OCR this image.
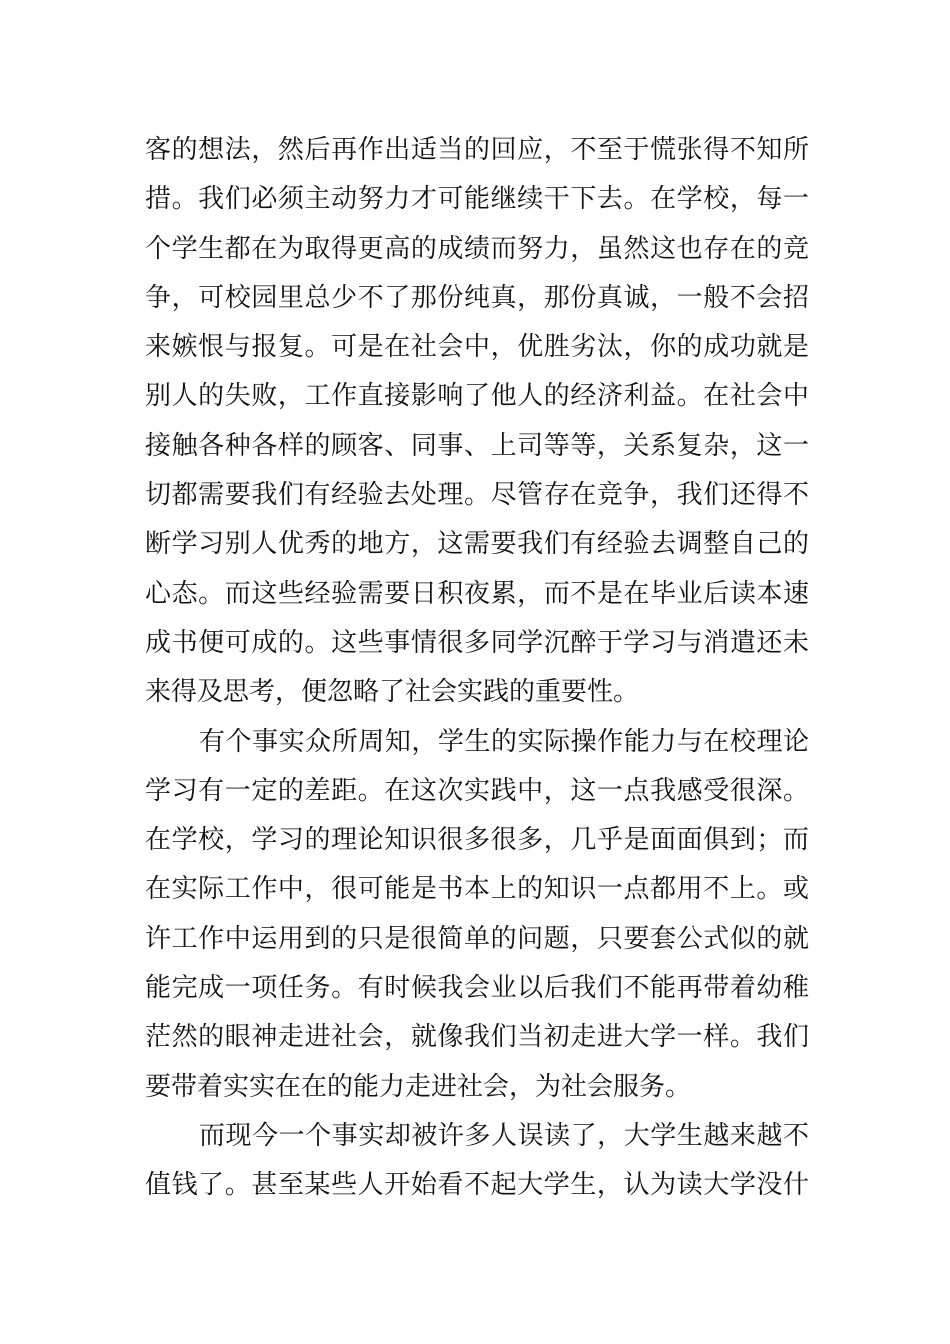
客的想法，然后再作出适当的回应，不至于慌张得不知所
措。我们必须主动努力才可能继续干下去。在学校，每一
个学生都在为取得更高的成绩而努力，虽然这也存在的竞
争，可校园里总少不了那份纯真，那份真诚，一般不会招
来嫉恨与报复。可是在社会中，优胜劣汰，你的成功就是
别人的失败，工作直接影响了他人的经济利益。在社会中
接触各种各样的顾客、同事、上司等等，关系复杂，这一
切都需要我们有经验去处理。尽管存在竞争，我们还得不
断学习别人优秀的地方，这需要我们有经验去调整自己的
心态。而这些经验需要日积夜累，而不是在毕业后读本速
成书便可成的。这些事情很多同学沉醉于学习与消遣还未
来得及思考，便忽略了社会实践的重要性。
有个事实众所周知，学生的实际操作能力与在校理论
学习有一定的差距。在这次实践中，这一点我感受很深。
在学校，学习的理论知识很多很多，几乎是面面俱到；而
在实际工作中，很可能是书本上的知识一点都用不上。或
许工作中运用到的只是很简单的问题，只要套公式似的就
能完成一项任务。有时候我会业以后我们不能再带着幼稚
茫然的眼神走进社会，就像我们当初走进大学一样。我们
要带着实实在在的能力走进社会，为社会服务。
而现今一个事实却被许多人误读了，大学生越来越不
值钱了。甚至某些人开始看不起大学生，认为读大学没什
